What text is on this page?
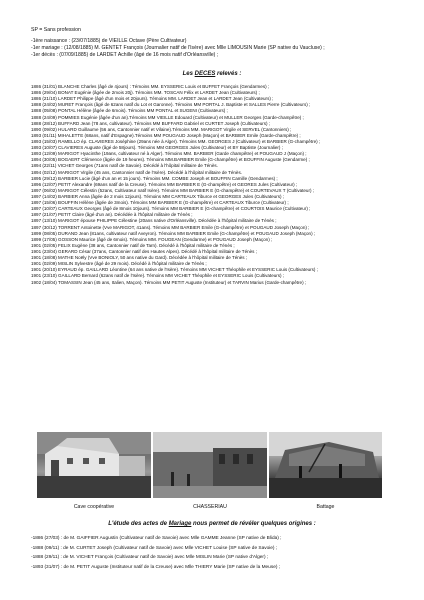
SP = Sans profession
-1ère naissance : (23/07/1885) de VIEILLE Octave (Père Cultivateur)
-1er mariage : (12/08/1885) M. GENTET François (Journalier natif de l'Isère) avec Mlle LIMOUSIN Marie (SP native du Vaucluse) ;
-1er décès : (07/09/1885) de LARDET Achille (âgé de 16 mois natif d'Orléansville) ;
Les DECES relevés :
1886 (31/01) BLANCHE Charles (âgé de 4jours) : Témoins MM. EYSSERIC Louis et BUFFET François (Gendarmes) ;
1886 (29/04) BONAT Eugénie (âgée de 2mois 20j). Témoins MM. TOSCAN Félix et LARDET Jean (Cultivateurs) ;
1886 (21/10) LARDET Philippe (âgé d'un mois et 20jours). Témoins MM. LARDET Jean et LARDET Jean (Cultivateurs) ;
1888 (24/02) MURET François (âgé de 62ans natif du Lot et Garonne). Témoins MM PORTAL J. Baptiste et SALLES Pierre (Cultivateurs) ;
1888 (05/08) PONTAL Hélène (âgée de 6mois). Témoins MM PONTAL et SUGENI (Cultivateurs) ;
1888 (24/09) POMMIES Eugénie (âgée d'un an).Témoins MM VIEILLE Edouard (Cultivateur) et MULLER Georges (Garde-champêtre) ;
1888 (28/12) BUFFARD Jean (78 ans, cultivateur). Témoins MM BUFFARD Gabriel et CURTET Joseph (Cultivateurs) ;
1890 (09/02) HULARD Guillaume (56 ans, Cantonnier natif et Vilaine).Témoins MM. MARIGOT Virgile et SERVEL (Cantonniers) ;
1893 (01/11) MIHALETTE (68ans, natif d'Espagne).Témoins MM POUGAUD Joseph (Maçon) et BARBIER Emile (Garde-champêtre) ;
1893 (15/03) RAMELLO ép. CLAVIERES Joséphine (29ans née à Alger). Témoins MM. GEORGES J (Cultivateur) et BARBIER (G-champêtre) ;
1893 (10/07) CLAVIERES Auguste (âgé de 58jours). Témoins MM GEORGES Jules (Cultivateur) et BY Baptiste (Journalier) ;
1893 (12/09) MARIGOT Hyacinthe (19ans, cultivateur né à Alger). Témoins MM. BARBIER (Garde champêtre) et POUGAUD J (Maçon) ;
1894 (30/05) BOGAERT Clémence (âgée de 19 heures). Témoins MM.BARBIER Emile (G-champêtre) et BOUFFIN Auguste (Gendarme) ;
1894 (22/11) VICHET Georges (71ans natif de Savoie). Décédé à l'hôpital militaire de Ténès.
1894 (02/12) MARIGOT Virgile (45 ans, Cantonnier natif de l'Isère). Décédé à l'hôpital militaire de Ténès.
1895 (29/12) BARBIER Lucie (âgé d'un an et 15 jours). Témoins MM. COMBE Joseph et BOUFFIN Camille (Gendarmes) ;
1896 (12/07) PETIT Alexandre (69ans natif de la Creuse). Témoins MM BARBIER E (G-champêtre) et GEORES Jules (Cultivateur) ;
1897 (06/02) MARIGOT Célestin (52ans, Cultivateur natif Isère). Témoins MM BARBIER E (G-champêtre) et COURTEVAUX T (Cultivateur) ;
1897 (14/02) BARBIER Anna (âgée de 2 mois 12jours). Témoins MM CARTEAUX Tiburce et GEORGES Jules (Cultivateurs) ;
1897 (15/06) BOUFFIN Hélène (âgée de 3mois). Témoins MM BARBIER E (G-champêtre) et CARTEAUX Tiburce (Cultivateur) ;
1897 (10/07) CARTEAUX Georges (âgé de 8mois 10jours). Témoins MM BARBIER E (G-champêtre) et COURTOIS Maurice (Cultivateur) ;
1897 (21/07) PETIT Claire (âgé d'un an). Décédée à l'hôpital militaire de Ténès ;
1897 (13/10) MARIGOT épouse PHILIPPE Célestine (20ans native d'Orléansville). Décédée à l'hôpital militaire de Ténès ;
1897 (30/12) TORRENT Antoinette (Vve MARIGOT, 41ans). Témoins MM BARBIER Emile (G-champêtre) et POUGAUD Joseph (Maçon) ;
1899 (08/05) DURAND Jean (81ans, cultivateur natif Aveyron). Témoins MM BARBIER Emile (G-champêtre) et POUGAUD Joseph (Maçon) ;
1899 (17/05) GOSSON Maurice (âgé de 6mois). Témoins MM. FOUGEAN (Gendarme) et POUGAUD Joseph (Maçon) ;
1901 (02/05) FELIX Eugène (38 ans, Cantonnier natif de Tarn). Décédé à l'hôpital militaire de Ténès ;
1901 (23/04) GERARD César (37ans, Cantonnier natif des Hautes Alpes). Décédé à l'hôpital militaire de Ténès ;
1901 (18/08) MATHE Noëly (Vve BONIOLY, 50 ans native du Gard). Décédée à l'hôpital militaire de Ténès ;
1901 (02/09) MISLIN Sylvestre (âgé de 29 mois). Décédé à l'hôpital militaire de Ténès ;
1901 (20/10) EYRAUD ép. GAILLARD Léontine (64 ans native de l'Isère). Témoins MM VICHET Théophile et EYSSERIC Louis (Cultivateurs) ;
1901 (23/10) GAILLARD Bernard (62ans natif de l'Isère). Témoins MM VICHET Théophile et EYSSERIC Louis (Cultivateurs) ;
1902 (18/04) TOMASSIN Jean (45 ans, Italien, Maçon). Témoins MM PETIT Auguste (Instituteur) et TARVIN Marius (Garde-champêtre) ;
Cave coopérative	CHASSERIAU	Battage
L'étude des actes de Mariage nous permet de révéler quelques origines :
-1886 (27/03) : de M. GAIFFIER Augustin (Cultivateur natif de Savoie) avec Mlle GAMME Jeanne (SP native de Blida) ;
-1888 (09/11) : de M. CURTET Joseph (Cultivateur natif de Savoie) avec Mlle VICHET Louise (SP native de Savoie) ;
-1888 (29/11) : de M. VICHET François (Cultivateur natif de Savoie) avec Mlle MISLIN Marie (SP native d'Alger) ;
-1893 (31/07) : de M. PETIT Auguste (Instituteur natif de la Creuse) avec Mlle THIERY Marie (SP native de la Meuse) ;
